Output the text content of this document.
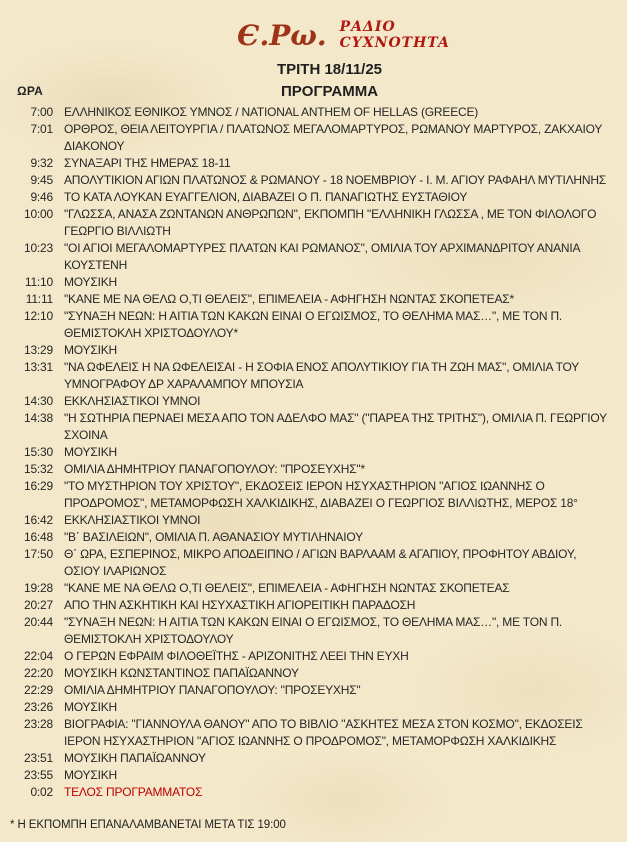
Є.Ρω. ΡΑΔΙΟ
CYXNOTHTA
ΤΡΙΤΗ 18/11/25
ΩΡΑ	ΠΡΟΓΡΑΜΜΑ
7:00 ΕΛΛΗΝΙΚΟΣ ΕΘΝΙΚΟΣ ΥΜΝΟΣ / NATIONAL ANTHEM OF HELLAS (GREECE)
7:01 ΟΡΘΡΟΣ, ΘΕΙΑ ΛΕΙΤΟΥΡΓΙΑ / ΠΛΑΤΩΝΟΣ ΜΕΓΑΛΟΜΑΡΤΥΡΟΣ, ΡΩΜΑΝΟΥ ΜΑΡΤΥΡΟΣ, ΖΑΚΧΑΙΟΥ ΔΙΑΚΟΝΟΥ
9:32 ΣΥΝΑΞΑΡΙ ΤΗΣ ΗΜΕΡΑΣ 18-11
9:45 ΑΠΟΛΥΤΙΚΙΟΝ ΑΓΙΩΝ ΠΛΑΤΩΝΟΣ & ΡΩΜΑΝΟΥ - 18 ΝΟΕΜΒΡΙΟΥ - Ι. Μ. ΑΓΙΟΥ ΡΑΦΑΗΛ ΜΥΤΙΛΗΝΗΣ
9:46 ΤΟ ΚΑΤΑ ΛΟΥΚΑΝ ΕΥΑΓΓΕΛΙΟΝ, ΔΙΑΒΑΖΕΙ Ο Π. ΠΑΝΑΓΙΩΤΗΣ ΕΥΣΤΑΘΙΟΥ
10:00 "ΓΛΩΣΣΑ, ΑΝΑΣΑ ΖΩΝΤΑΝΩΝ ΑΝΘΡΩΠΩΝ", ΕΚΠΟΜΠΗ "ΕΛΛΗΝΙΚΗ ΓΛΩΣΣΑ , ΜΕ ΤΟΝ ΦΙΛΟΛΟΓΟ ΓΕΩΡΓΙΟ ΒΙΛΛΙΩΤΗ
10:23 "ΟΙ ΑΓΙΟΙ ΜΕΓΑΛΟΜΑΡΤΥΡΕΣ ΠΛΑΤΩΝ ΚΑΙ ΡΩΜΑΝΟΣ", ΟΜΙΛΙΑ ΤΟΥ ΑΡΧΙΜΑΝΔΡΙΤΟΥ ΑΝΑΝΙΑ ΚΟΥΣΤΕΝΗ
11:10 ΜΟΥΣΙΚΗ
11:11 "ΚΑΝΕ ΜΕ ΝΑ ΘΕΛΩ Ο,ΤΙ ΘΕΛΕΙΣ", ΕΠΙΜΕΛΕΙΑ - ΑΦΗΓΗΣΗ ΝΩΝΤΑΣ ΣΚΟΠΕΤΕΑΣ*
12:10 "ΣΥΝΑΞΗ ΝΕΩΝ: Η ΑΙΤΙΑ ΤΩΝ ΚΑΚΩΝ ΕΙΝΑΙ Ο ΕΓΩΙΣΜΟΣ, ΤΟ ΘΕΛΗΜΑ ΜΑΣ…", ΜΕ ΤΟΝ Π. ΘΕΜΙΣΤΟΚΛΗ ΧΡΙΣΤΟΔΟΥΛΟΥ*
13:29 ΜΟΥΣΙΚΗ
13:31 "ΝΑ ΩΦΕΛΕΙΣ Η ΝΑ ΩΦΕΛΕΙΣΑΙ - Η ΣΟΦΙΑ ΕΝΟΣ ΑΠΟΛΥΤΙΚΙΟΥ ΓΙΑ ΤΗ ΖΩΗ ΜΑΣ", ΟΜΙΛΙΑ ΤΟΥ ΥΜΝΟΓΡΑΦΟΥ ΔΡ ΧΑΡΑΛΑΜΠΟΥ ΜΠΟΥΣΙΑ
14:30 ΕΚΚΛΗΣΙΑΣΤΙΚΟΙ ΥΜΝΟΙ
14:38 "Η ΣΩΤΗΡΙΑ ΠΕΡΝΑΕΙ ΜΕΣΑ ΑΠΟ ΤΟΝ ΑΔΕΛΦΟ ΜΑΣ" ("ΠΑΡΕΑ ΤΗΣ ΤΡΙΤΗΣ"), ΟΜΙΛΙΑ Π. ΓΕΩΡΓΙΟΥ ΣΧΟΙΝΑ
15:30 ΜΟΥΣΙΚΗ
15:32 ΟΜΙΛΙΑ ΔΗΜΗΤΡΙΟΥ ΠΑΝΑΓΟΠΟΥΛΟΥ: "ΠΡΟΣΕΥΧΗΣ"*
16:29 "ΤΟ ΜΥΣΤΗΡΙΟΝ ΤΟΥ ΧΡΙΣΤΟΥ", ΕΚΔΟΣΕΙΣ ΙΕΡΟΝ ΗΣΥΧΑΣΤΗΡΙΟΝ "ΑΓΙΟΣ ΙΩΑΝΝΗΣ Ο ΠΡΟΔΡΟΜΟΣ", ΜΕΤΑΜΟΡΦΩΣΗ ΧΑΛΚΙΔΙΚΗΣ, ΔΙΑΒΑΖΕΙ Ο ΓΕΩΡΓΙΟΣ ΒΙΛΛΙΩΤΗΣ, ΜΕΡΟΣ 18°
16:42 ΕΚΚΛΗΣΙΑΣΤΙΚΟΙ ΥΜΝΟΙ
16:48 "Β΄ ΒΑΣΙΛΕΙΩΝ", ΟΜΙΛΙΑ Π. ΑΘΑΝΑΣΙΟΥ ΜΥΤΙΛΗΝΑΙΟΥ
17:50 Θ΄ ΩΡΑ, ΕΣΠΕΡΙΝΟΣ, ΜΙΚΡΟ ΑΠΟΔΕΙΠΝΟ / ΑΓΙΩΝ ΒΑΡΛΑΑΜ & ΑΓΑΠΙΟΥ, ΠΡΟΦΗΤΟΥ ΑΒΔΙΟΥ, ΟΣΙΟΥ ΙΛΑΡΙΩΝΟΣ
19:28 "ΚΑΝΕ ΜΕ ΝΑ ΘΕΛΩ Ο,ΤΙ ΘΕΛΕΙΣ", ΕΠΙΜΕΛΕΙΑ - ΑΦΗΓΗΣΗ ΝΩΝΤΑΣ ΣΚΟΠΕΤΕΑΣ
20:27 ΑΠΟ ΤΗΝ ΑΣΚΗΤΙΚΗ ΚΑΙ ΗΣΥΧΑΣΤΙΚΗ ΑΓΙΟΡΕΙΤΙΚΗ ΠΑΡΑΔΟΣΗ
20:44 "ΣΥΝΑΞΗ ΝΕΩΝ: Η ΑΙΤΙΑ ΤΩΝ ΚΑΚΩΝ ΕΙΝΑΙ Ο ΕΓΩΙΣΜΟΣ, ΤΟ ΘΕΛΗΜΑ ΜΑΣ…", ΜΕ ΤΟΝ Π. ΘΕΜΙΣΤΟΚΛΗ ΧΡΙΣΤΟΔΟΥΛΟΥ
22:04 Ο ΓΕΡΩΝ ΕΦΡΑΙΜ ΦΙΛΟΘΕΪΤΗΣ - ΑΡΙΖΟΝΙΤΗΣ ΛΕΕΙ ΤΗΝ ΕΥΧΗ
22:20 ΜΟΥΣΙΚΗ ΚΩΝΣΤΑΝΤΙΝΟΣ ΠΑΠΑΪΩΑΝΝΟΥ
22:29 ΟΜΙΛΙΑ ΔΗΜΗΤΡΙΟΥ ΠΑΝΑΓΟΠΟΥΛΟΥ: "ΠΡΟΣΕΥΧΗΣ"
23:26 ΜΟΥΣΙΚΗ
23:28 ΒΙΟΓΡΑΦΙΑ: "ΓΙΑΝΝΟΥΛΑ ΘΑΝΟΥ" ΑΠΟ ΤΟ ΒΙΒΛΙΟ "ΑΣΚΗΤΕΣ ΜΕΣΑ ΣΤΟΝ ΚΟΣΜΟ", ΕΚΔΟΣΕΙΣ ΙΕΡΟΝ ΗΣΥΧΑΣΤΗΡΙΟΝ "ΑΓΙΟΣ ΙΩΑΝΝΗΣ Ο ΠΡΟΔΡΟΜΟΣ", ΜΕΤΑΜΟΡΦΩΣΗ ΧΑΛΚΙΔΙΚΗΣ
23:51 ΜΟΥΣΙΚΗ ΠΑΠΑΪΩΑΝΝΟΥ
23:55 ΜΟΥΣΙΚΗ
0:02 ΤΕΛΟΣ ΠΡΟΓΡΑΜΜΑΤΟΣ
* Η ΕΚΠΟΜΠΗ ΕΠΑΝΑΛΑΜΒΑΝΕΤΑΙ ΜΕΤΑ ΤΙΣ 19:00
